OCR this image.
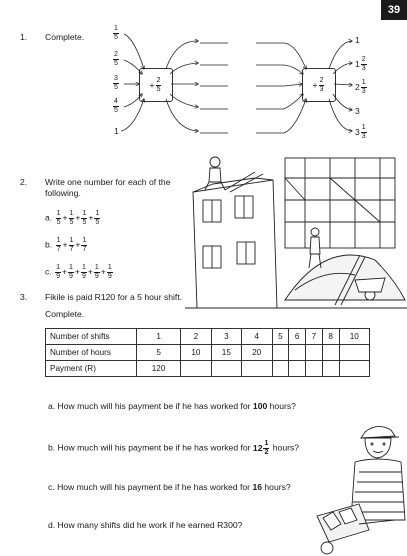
39
1. Complete.	$\frac{1}{5}$
$\frac{2}{5}$
$\frac{3}{5}$
$\frac{4}{5}$
1
+ $\frac{2}{5}$	+ $\frac{2}{3}$
1
$1 \frac{2}{3}$
$2 \frac{1}{3}$
3
$3 \frac{1}{3}$
2. Write one number for each of the
following.
a. $\frac{1}{5} + \frac{1}{5} + \frac{1}{5} + \frac{1}{5}$
b. $\frac{1}{7} + \frac{1}{7} + \frac{1}{7}$
c. $\frac{1}{9} + \frac{1}{9} + \frac{1}{9} + \frac{1}{9} + \frac{1}{9}$
3. Fikile is paid R120 for a 5 hour shift.
Complete.
Number of shifts	1	2	3	4	5	6	7	8	10
Number of hours	5	10	15	20					
Payment (R)	120								
a. How much will his payment be if he has worked for 100 hours?
b. How much will his payment be if he has worked for $12 \frac{1}{2}$ hours?
c. How much will his payment be if he has worked for 16 hours?
d. How many shifts did he work if he earned R300?
